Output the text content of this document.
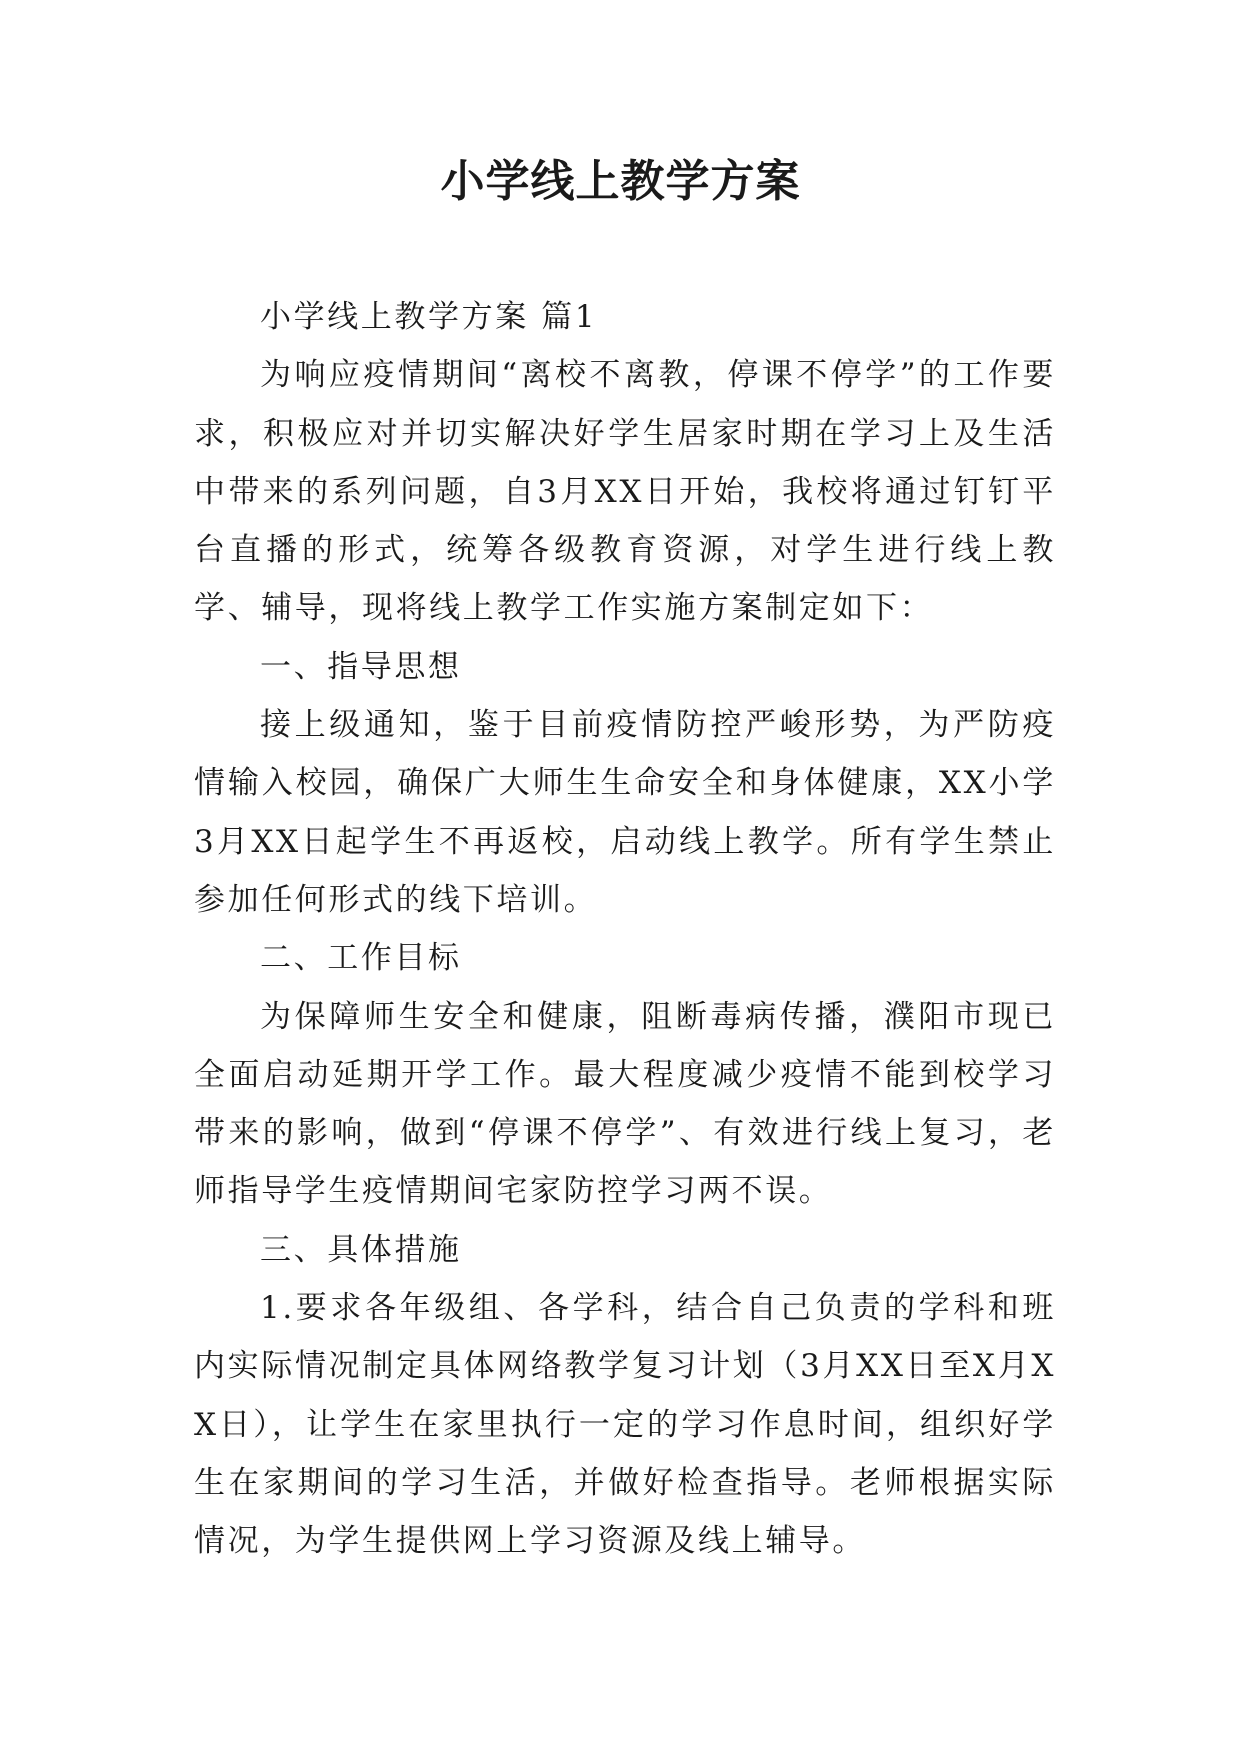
小学线上教学方案

小学线上教学方案 篇1

为响应疫情期间“离校不离教，停课不停学”的工作要求，积极应对并切实解决好学生居家时期在学习上及生活中带来的系列问题，自3月XX日开始，我校将通过钉钉平台直播的形式，统筹各级教育资源，对学生进行线上教学、辅导，现将线上教学工作实施方案制定如下：

一、指导思想

接上级通知，鉴于目前疫情防控严峻形势，为严防疫情输入校园，确保广大师生生命安全和身体健康，XX小学3月XX日起学生不再返校，启动线上教学。所有学生禁止参加任何形式的线下培训。

二、工作目标

为保障师生安全和健康，阻断毒病传播，濮阳市现已全面启动延期开学工作。最大程度减少疫情不能到校学习带来的影响，做到“停课不停学”、有效进行线上复习，老师指导学生疫情期间宅家防控学习两不误。

三、具体措施

1.要求各年级组、各学科，结合自己负责的学科和班内实际情况制定具体网络教学复习计划（3月XX日至X月XX日），让学生在家里执行一定的学习作息时间，组织好学生在家期间的学习生活，并做好检查指导。老师根据实际情况，为学生提供网上学习资源及线上辅导。
